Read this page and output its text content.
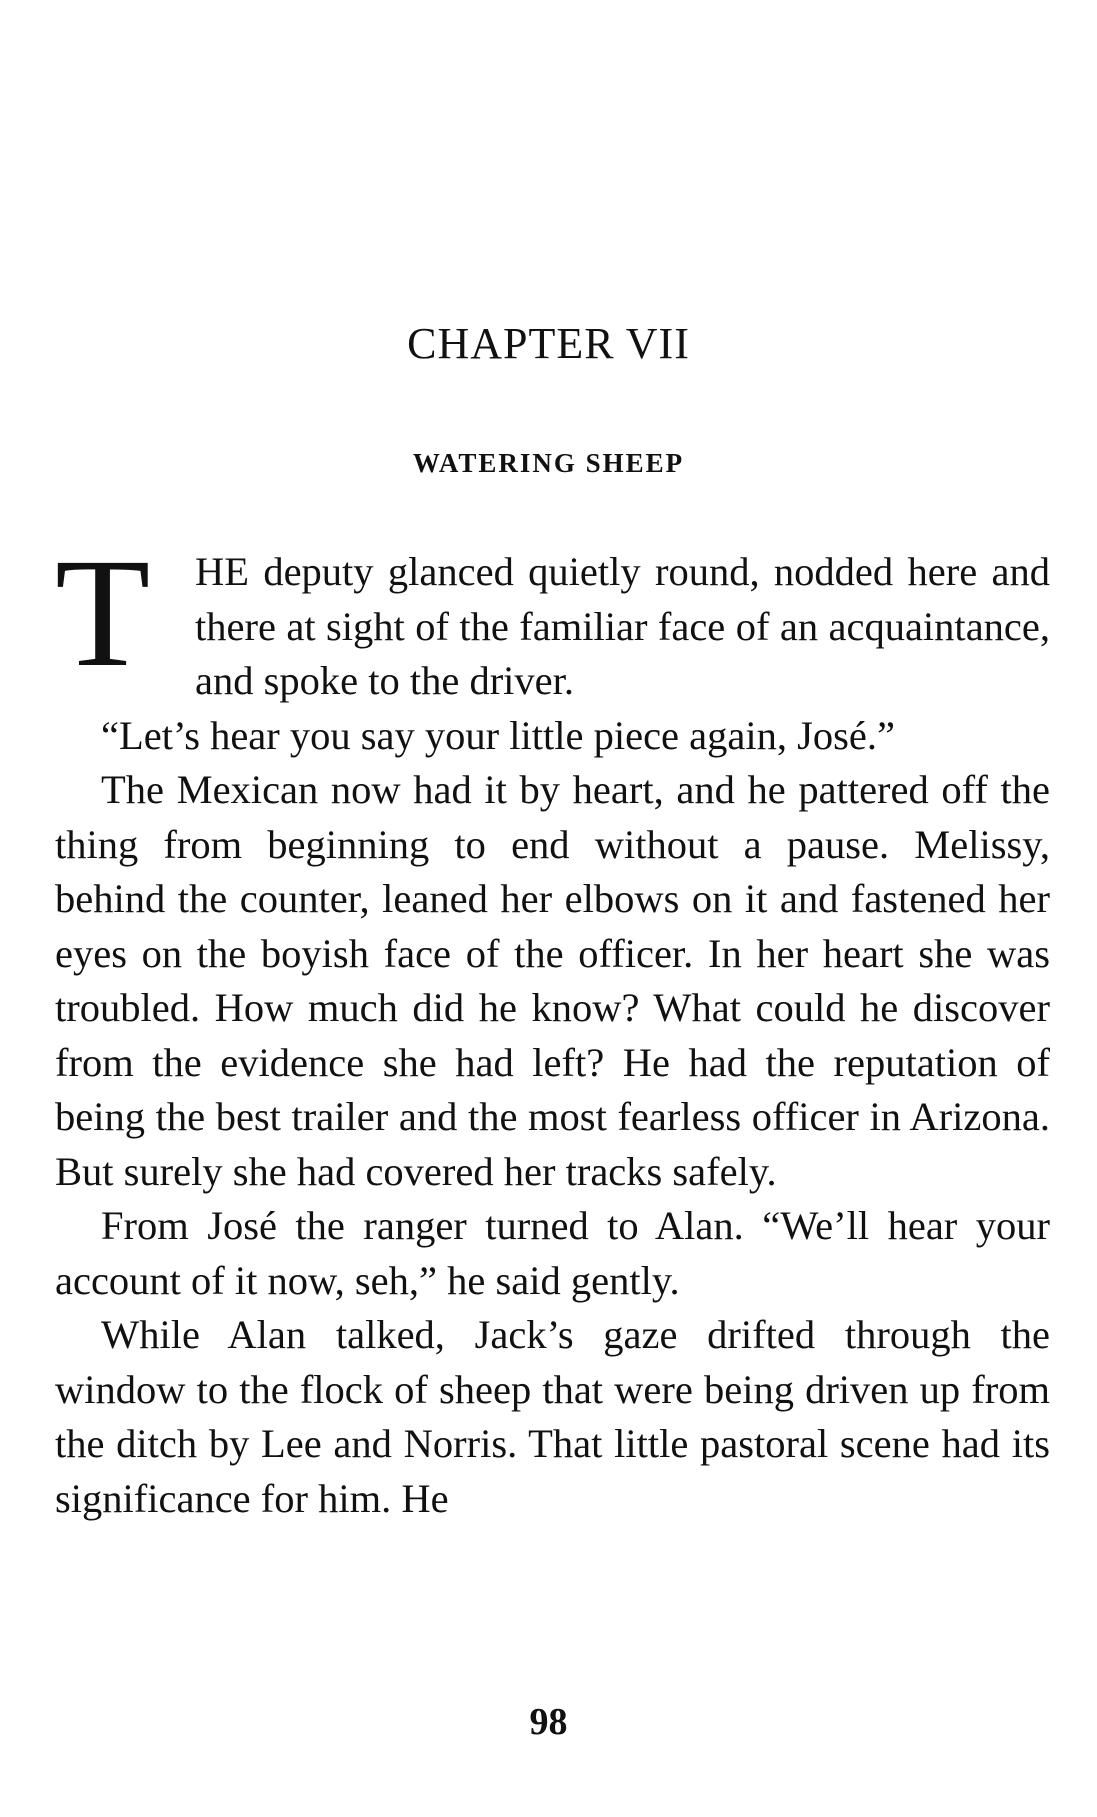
CHAPTER VII
WATERING SHEEP

T	HE deputy glanced quietly round, nodded here and there at sight of the familiar face of an acquaintance, and spoke to the driver.

“Let’s hear you say your little piece again, José.”

The Mexican now had it by heart, and he pattered off the thing from beginning to end without a pause. Melissy, behind the counter, leaned her elbows on it and fastened her eyes on the boyish face of the officer. In her heart she was troubled. How much did he know? What could he discover from the evidence she had left? He had the reputation of being the best trailer and the most fearless officer in Arizona. But surely she had covered her tracks safely.

From José the ranger turned to Alan. “We’ll hear your account of it now, seh,” he said gently.

While Alan talked, Jack’s gaze drifted through the window to the flock of sheep that were being driven up from the ditch by Lee and Norris. That little pastoral scene had its significance for him. He

98
